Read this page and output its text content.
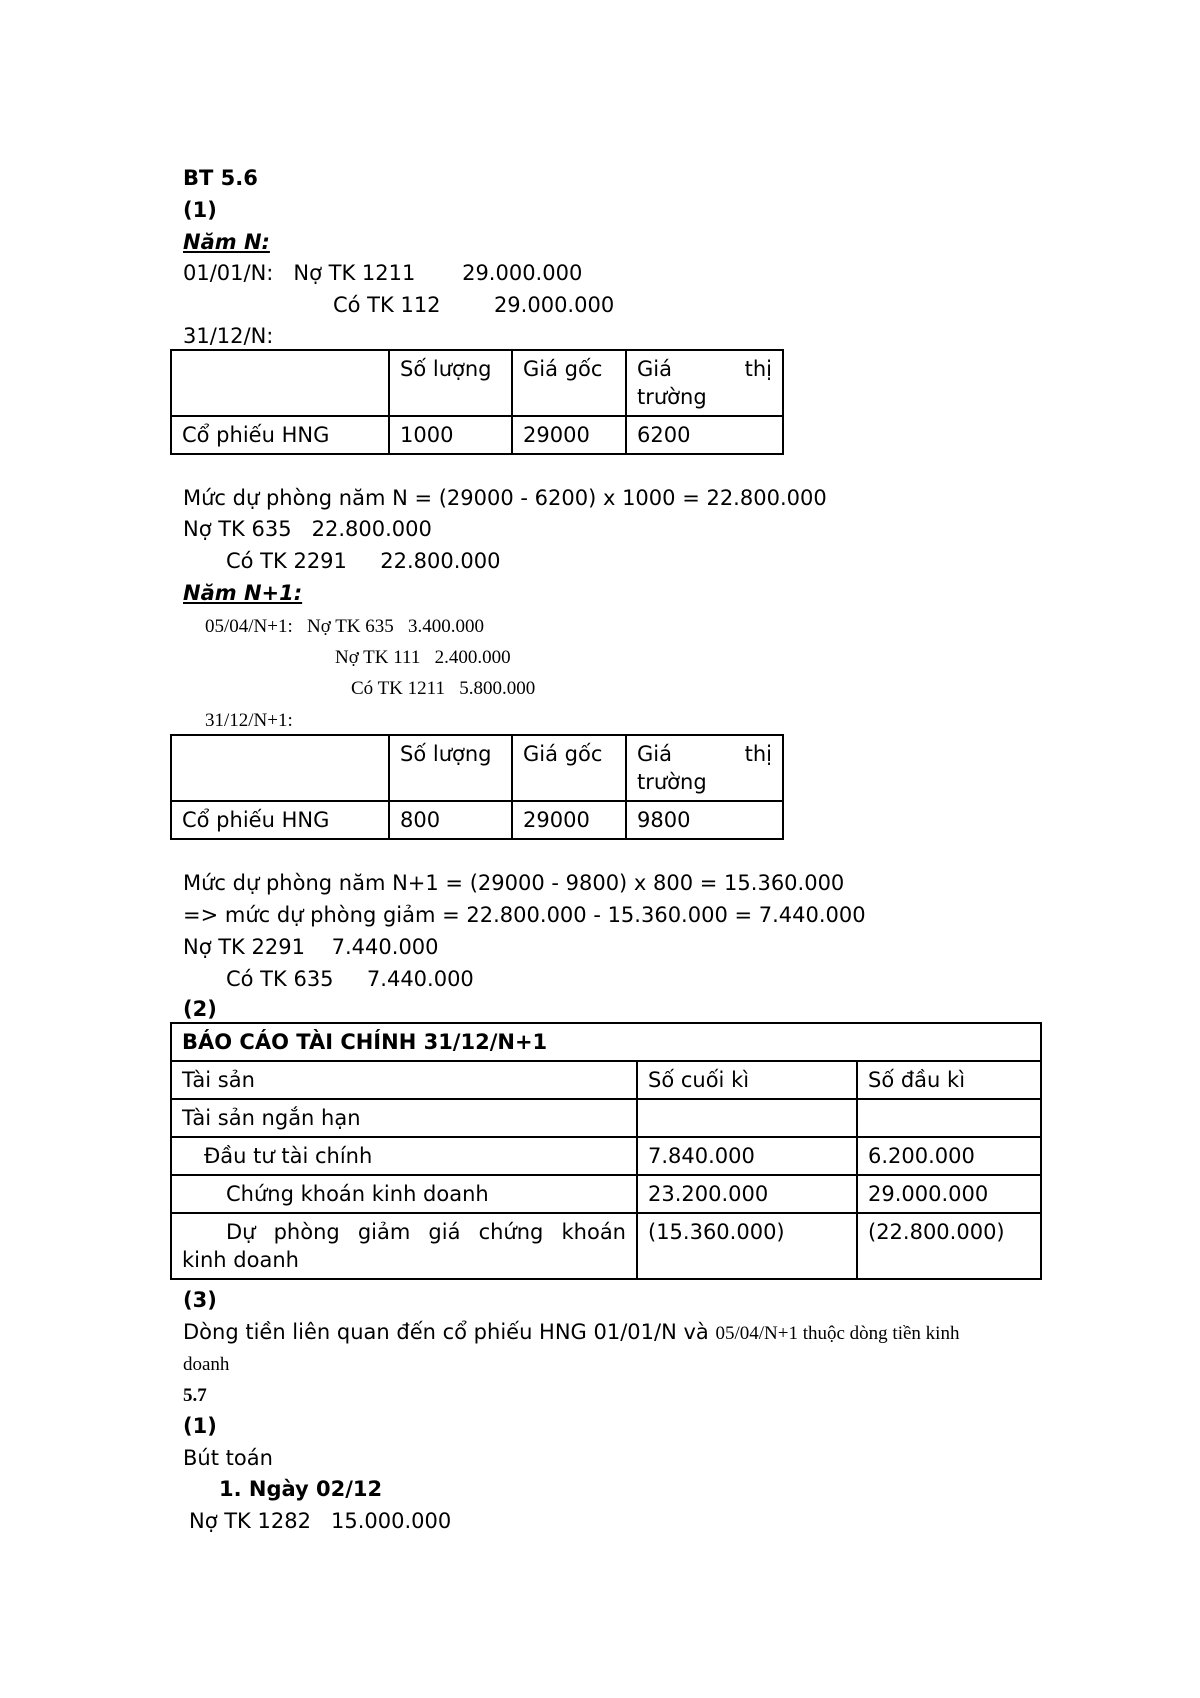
BT 5.6
(1)
Năm N:
01/01/N:   Nợ TK 1211       29.000.000
Có TK 112        29.000.000
31/12/N:
	Số lượng	Giá gốc	Giá thị
trường

Cổ phiếu HNG	1000	29000	6200
Mức dự phòng năm N = (29000 - 6200) x 1000 = 22.800.000
Nợ TK 635   22.800.000
Có TK 2291     22.800.000
Năm N+1:
05/04/N+1:   Nợ TK 635   3.400.000
Nợ TK 111   2.400.000
Có TK 1211   5.800.000
31/12/N+1:
	Số lượng	Giá gốc	Giá thị
trường

Cổ phiếu HNG	800	29000	9800
Mức dự phòng năm N+1 = (29000 - 9800) x 800 = 15.360.000
=> mức dự phòng giảm = 22.800.000 - 15.360.000 = 7.440.000
Nợ TK 2291    7.440.000
Có TK 635     7.440.000
(2)
BÁO CÁO TÀI CHÍNH 31/12/N+1		
Tài sản	Số cuối kì	Số đầu kì
Tài sản ngắn hạn		
Đầu tư tài chính	7.840.000	6.200.000
Chứng khoán kinh doanh	23.200.000	29.000.000

Dự phòng giảm giá chứng khoán
kinh doanh	(15.360.000)	(22.800.000)
(3)
Dòng tiền liên quan đến cổ phiếu HNG 01/01/N và 05/04/N+1 thuộc dòng tiền kinh
doanh
5.7
(1)
Bút toán
1. Ngày 02/12
Nợ TK 1282   15.000.000
